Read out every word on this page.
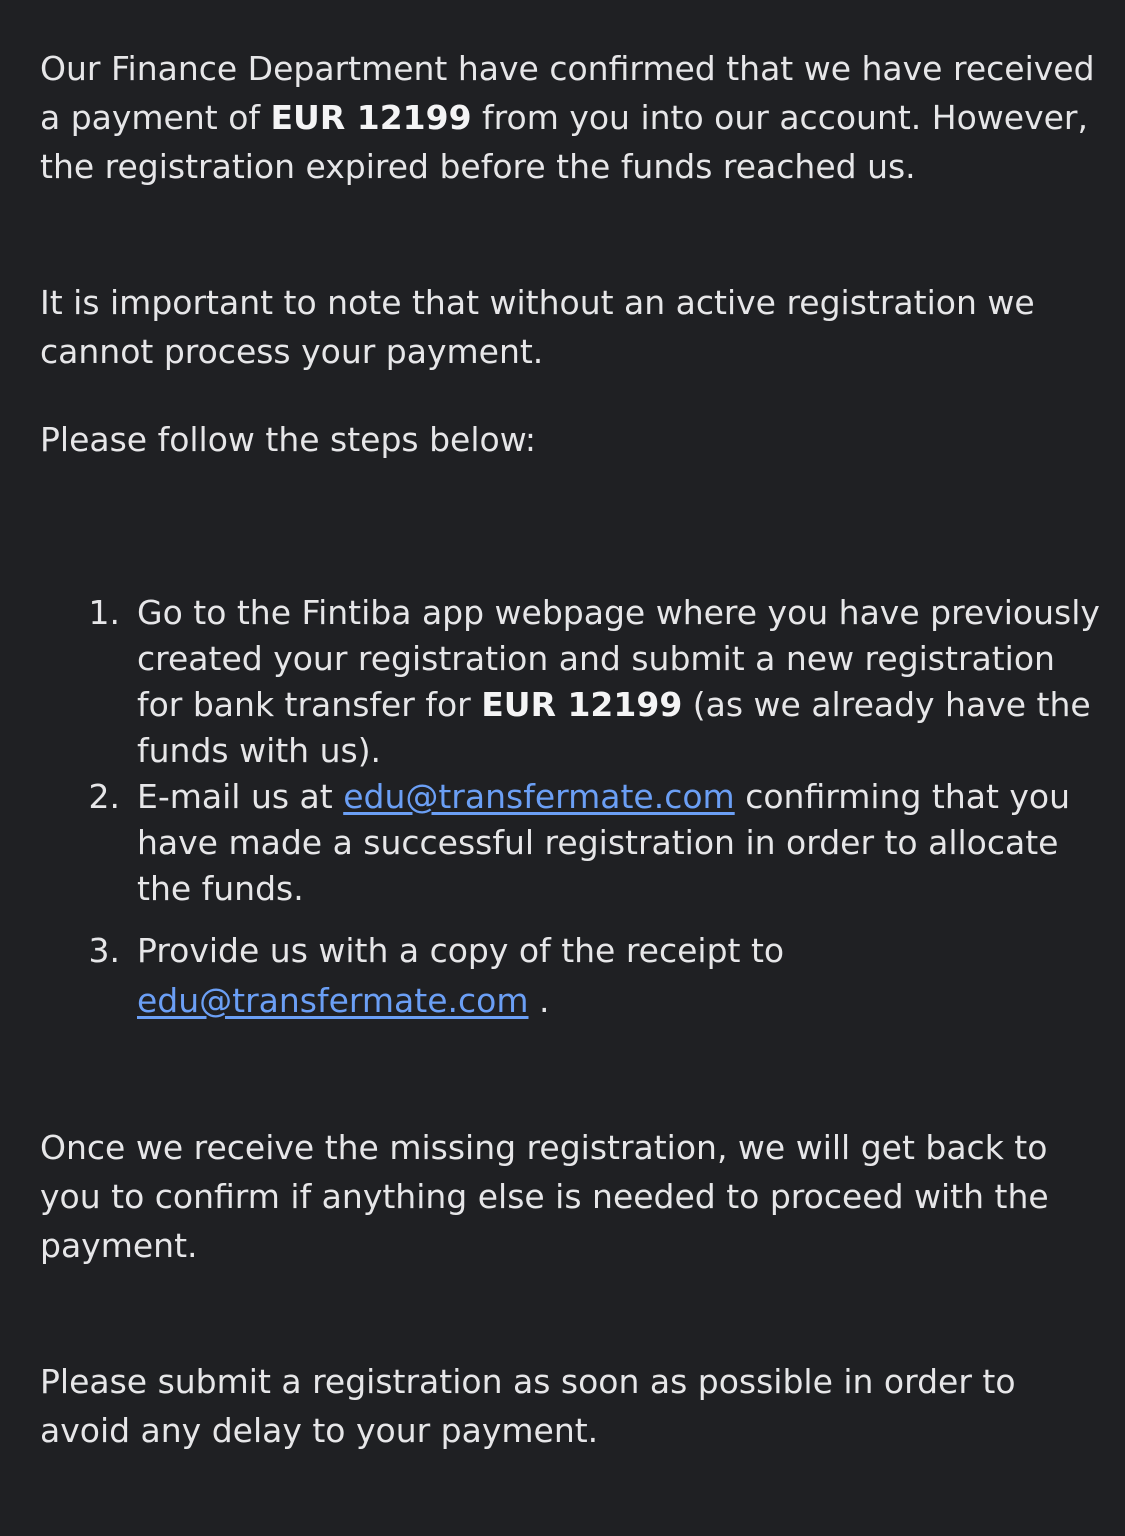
Our Finance Department have confirmed that we have received a payment of EUR 12199 from you into our account. However, the registration expired before the funds reached us.

It is important to note that without an active registration we cannot process your payment.

Please follow the steps below:

1. Go to the Fintiba app webpage where you have previously created your registration and submit a new registration for bank transfer for EUR 12199 (as we already have the funds with us).

2. E-mail us at edu@transfermate.com confirming that you have made a successful registration in order to allocate the funds.

3. Provide us with a copy of the receipt to edu@transfermate.com .

Once we receive the missing registration, we will get back to you to confirm if anything else is needed to proceed with the payment.

Please submit a registration as soon as possible in order to avoid any delay to your payment.
